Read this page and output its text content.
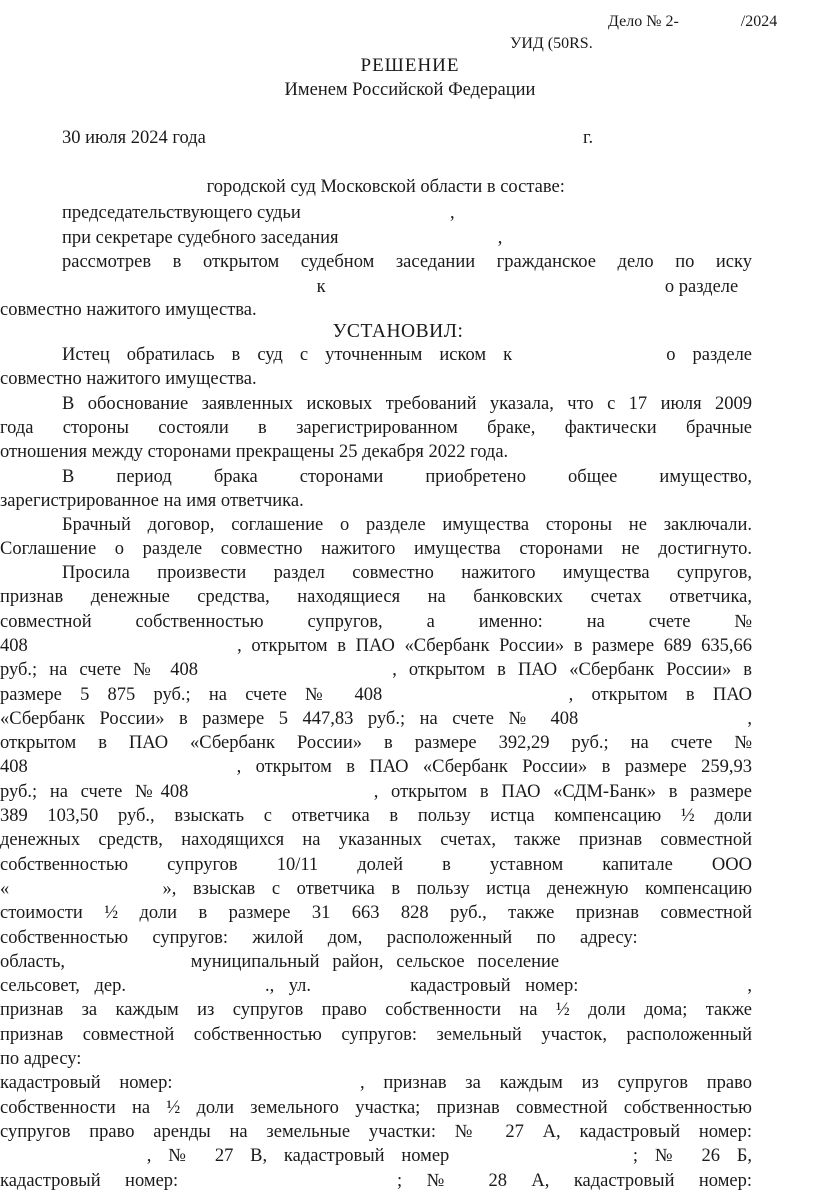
Дело № 2-	/2024
УИД (50RS.
РЕШЕНИЕ
Именем Российской Федерации
30 июля 2024 года	г.
городской суд Московской области в составе:
председательствующего судьи	,
при секретаре судебного заседания	,
рассмотрев в открытом судебном заседании гражданское дело по иску
к	о разделе
совместно нажитого имущества.
УСТАНОВИЛ:
Истец обратилась в суд с уточненным иском к	о разделе
совместно нажитого имущества.
В обоснование заявленных исковых требований указала, что с 17 июля 2009
года стороны состояли в зарегистрированном браке, фактически брачные
отношения между сторонами прекращены 25 декабря 2022 года.
В период брака сторонами приобретено общее имущество,
зарегистрированное на имя ответчика.
Брачный договор, соглашение о разделе имущества стороны не заключали.
Соглашение о разделе совместно нажитого имущества сторонами не достигнуто.
Просила произвести раздел совместно нажитого имущества супругов,
признав денежные средства, находящиеся на банковских счетах ответчика,
совместной собственностью супругов, а именно: на счете №
408	, открытом в ПАО «Сбербанк России» в размере 689 635,66
руб.; на счете № 408	, открытом в ПАО «Сбербанк России» в
размере 5 875 руб.; на счете № 408	, открытом в ПАО
«Сбербанк России» в размере 5 447,83 руб.; на счете № 408	,
открытом в ПАО «Сбербанк России» в размере 392,29 руб.; на счете №
408	, открытом в ПАО «Сбербанк России» в размере 259,93
руб.; на счете №408	, открытом в ПАО «СДМ-Банк» в размере
389 103,50 руб., взыскать с ответчика в пользу истца компенсацию ½ доли
денежных средств, находящихся на указанных счетах, также признав совместной
собственностью супругов 10/11 долей в уставном капитале ООО
«	», взыскав с ответчика в пользу истца денежную компенсацию
стоимости ½ доли в размере 31 663 828 руб., также признав совместной
собственностью супругов: жилой дом, расположенный по адресу:
область,	муниципальный район, сельское поселение
сельсовет, дер.	., ул.	кадастровый номер:	,
признав за каждым из супругов право собственности на ½ доли дома; также
признав совместной собственностью супругов: земельный участок, расположенный
по адресу:
кадастровый номер:	, признав за каждым из супругов право
собственности на ½ доли земельного участка; признав совместной собственностью
супругов право аренды на земельные участки: № 27 А, кадастровый номер:
, № 27 В, кадастровый номер	; № 26 Б,
кадастровый номер:	; № 28 А, кадастровый номер:
